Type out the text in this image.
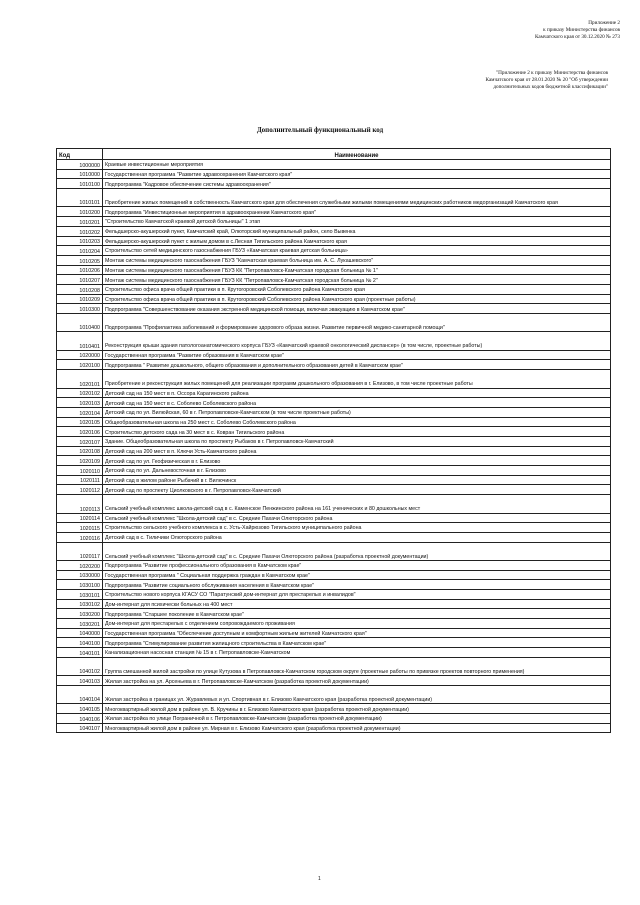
Приложение 2
к приказу Министерства финансов
Камчатского края от 30.12.2020 № 273
"Приложение 2 к приказу Министерства финансов
Камчатского края от 28.01.2020 № 20 "Об утверждении
дополнительных кодов бюджетной классификации"
Дополнительный функциональный код
Код	Наименование
1000000	Краевые инвестиционные мероприятия
1010000	Государственная программа "Развитие здравоохранения Камчатского края"
1010100	Подпрограмма "Кадровое обеспечение системы здравоохранения"
1010101	Приобретение жилых помещений в собственность Камчатского края для обеспечения служебными жилыми помещениями медицинских работников медорганизаций Камчатского края
1010200	Подпрограмма "Инвестиционные мероприятия в здравоохранении Камчатского края"
1010201	"Строительство Камчатской краевой детской больницы" 1 этап
1010202	Фельдшерско-акушерский пункт, Камчатский край, Олюторский муниципальный район, село Вывенка
1010203	Фельдшерско-акушерский пункт с жилым домом в с.Лесная Тигильского района Камчатского края
1010204	Строительство сетей медицинского газоснабжения ГБУЗ «Камчатская краевая детская больница»
1010205	Монтаж системы медицинского газоснабжения ГБУЗ "Камчатская краевая больница им. А. С. Лукашевского"
1010206	Монтаж системы медицинского газоснабжения ГБУЗ КК "Петропавловск-Камчатская городская больница № 1"
1010207	Монтаж системы медицинского газоснабжения ГБУЗ КК "Петропавловск-Камчатская городская больница № 2"
1010208	Строительство офиса врача общей практики в п. Крутогоровский Соболевского района Камчатского края
1010209	Строительство офиса врача общей практики в п. Крутогоровский Соболевского района Камчатского края (проектные работы)
1010300	Подпрограмма "Совершенствование оказания экстренной медицинской помощи, включая эвакуацию в Камчатском крае"
1010400	Подпрограмма "Профилактика заболеваний и формирование здорового образа жизни. Развитие первичной медико-санитарной помощи"
1010401	Реконструкция крыши здания патологоанатомического корпуса ГБУЗ «Камчатский краевой онкологический диспансер» (в том числе, проектные работы)
1020000	Государственная программа "Развитие образования в Камчатском крае"
1020100	Подпрограмма " Развитие дошкольного, общего образования и дополнительного образования детей в Камчатском крае"
1020101	Приобретение и реконструкция жилых помещений для реализации программ дошкольного образования в г. Елизово, в том числе проектные работы
1020102	Детский сад на 150 мест в п. Оссора Карагинского района
1020103	Детский сад на 150 мест в с. Соболево Соболевского района
1020104	Детский сад по ул. Вилюйская, 60 в г. Петропавловске-Камчатском (в том числе проектные работы)
1020105	Общеобразовательная школа на 250 мест с. Соболево Соболевского района
1020106	Строительство детского сада на 30 мест в с. Ковран Тигильского района
1020107	Здание. Общеобразовательная школа по проспекту Рыбаков в г. Петропавловск-Камчатский
1020108	Детский сад на 200 мест в п. Ключи Усть-Камчатского района
1020109	Детский сад по ул. Геофизическая в г. Елизово
1020110	Детский сад по ул. Дальневосточная в г. Елизово
1020111	Детский сад в жилом районе Рыбачий в г. Вилючинск
1020112	Детский сад по проспекту Циолковского в г. Петропавловск-Камчатский
1020113	Сельский учебный комплекс школа-детский сад в с. Каменское Пенжинского района на 161 ученических и 80 дошкольных мест
1020114	Сельский учебный комплекс "Школа-детский сад" в с. Средние Пахачи Олюторского района
1020115	Строительство сельского учебного комплекса в с. Усть-Хайрюзово Тигильского муниципального района
1020116	Детский сад в с. Тиличики Олюторского района
1020117	Сельский учебный комплекс "Школа-детский сад" в с. Средние Пахачи Олюторского района (разработка проектной документации)
1020200	Подпрограмма "Развитие профессионального образования в Камчатском крае"
1030000	Государственная программа " Социальная поддержка граждан в Камчатском крае"
1030100	Подпрограмма "Развитие социального обслуживания населения в Камчатском крае"
1030101	Строительство нового корпуса КГАСУ СО "Паратунский дом-интернат для престарелых и инвалидов"
1030102	Дом-интернат для психически больных на 400 мест
1030200	Подпрограмма "Старшее поколение в Камчатском крае"
1030201	Дом-интернат для престарелых с отделением сопровождаемого проживания
1040000	Государственная программа "Обеспечение доступным и комфортным жильем жителей Камчатского края"
1040100	Подпрограмма "Стимулирование развития жилищного строительства в Камчатском крае"
1040101	Канализационная насосная станция № 15 в г. Петропавловске-Камчатском
1040102	Группа смешанной жилой застройки по улице Кутузова в Петропавловск-Камчатском городском округе (проектные работы по привязке проектов повторного применения)
1040103	Жилая застройка на ул. Арсеньева в г. Петропавловске-Камчатском (разработка проектной документации)
1040104	Жилая застройка в границах ул. Журавлевых и ул. Спортивная в г. Елизово Камчатского края (разработка проектной документации)
1040105	Многоквартирный жилой дом в районе ул. В. Кручины в г. Елизово Камчатского края (разработка проектной документации)
1040106	Жилая застройка по улице Пограничной в г. Петропавловске-Камчатском (разработка проектной документации)
1040107	Многоквартирный жилой дом в районе ул. Мирная в г. Елизово Камчатского края (разработка проектной документации)
1
